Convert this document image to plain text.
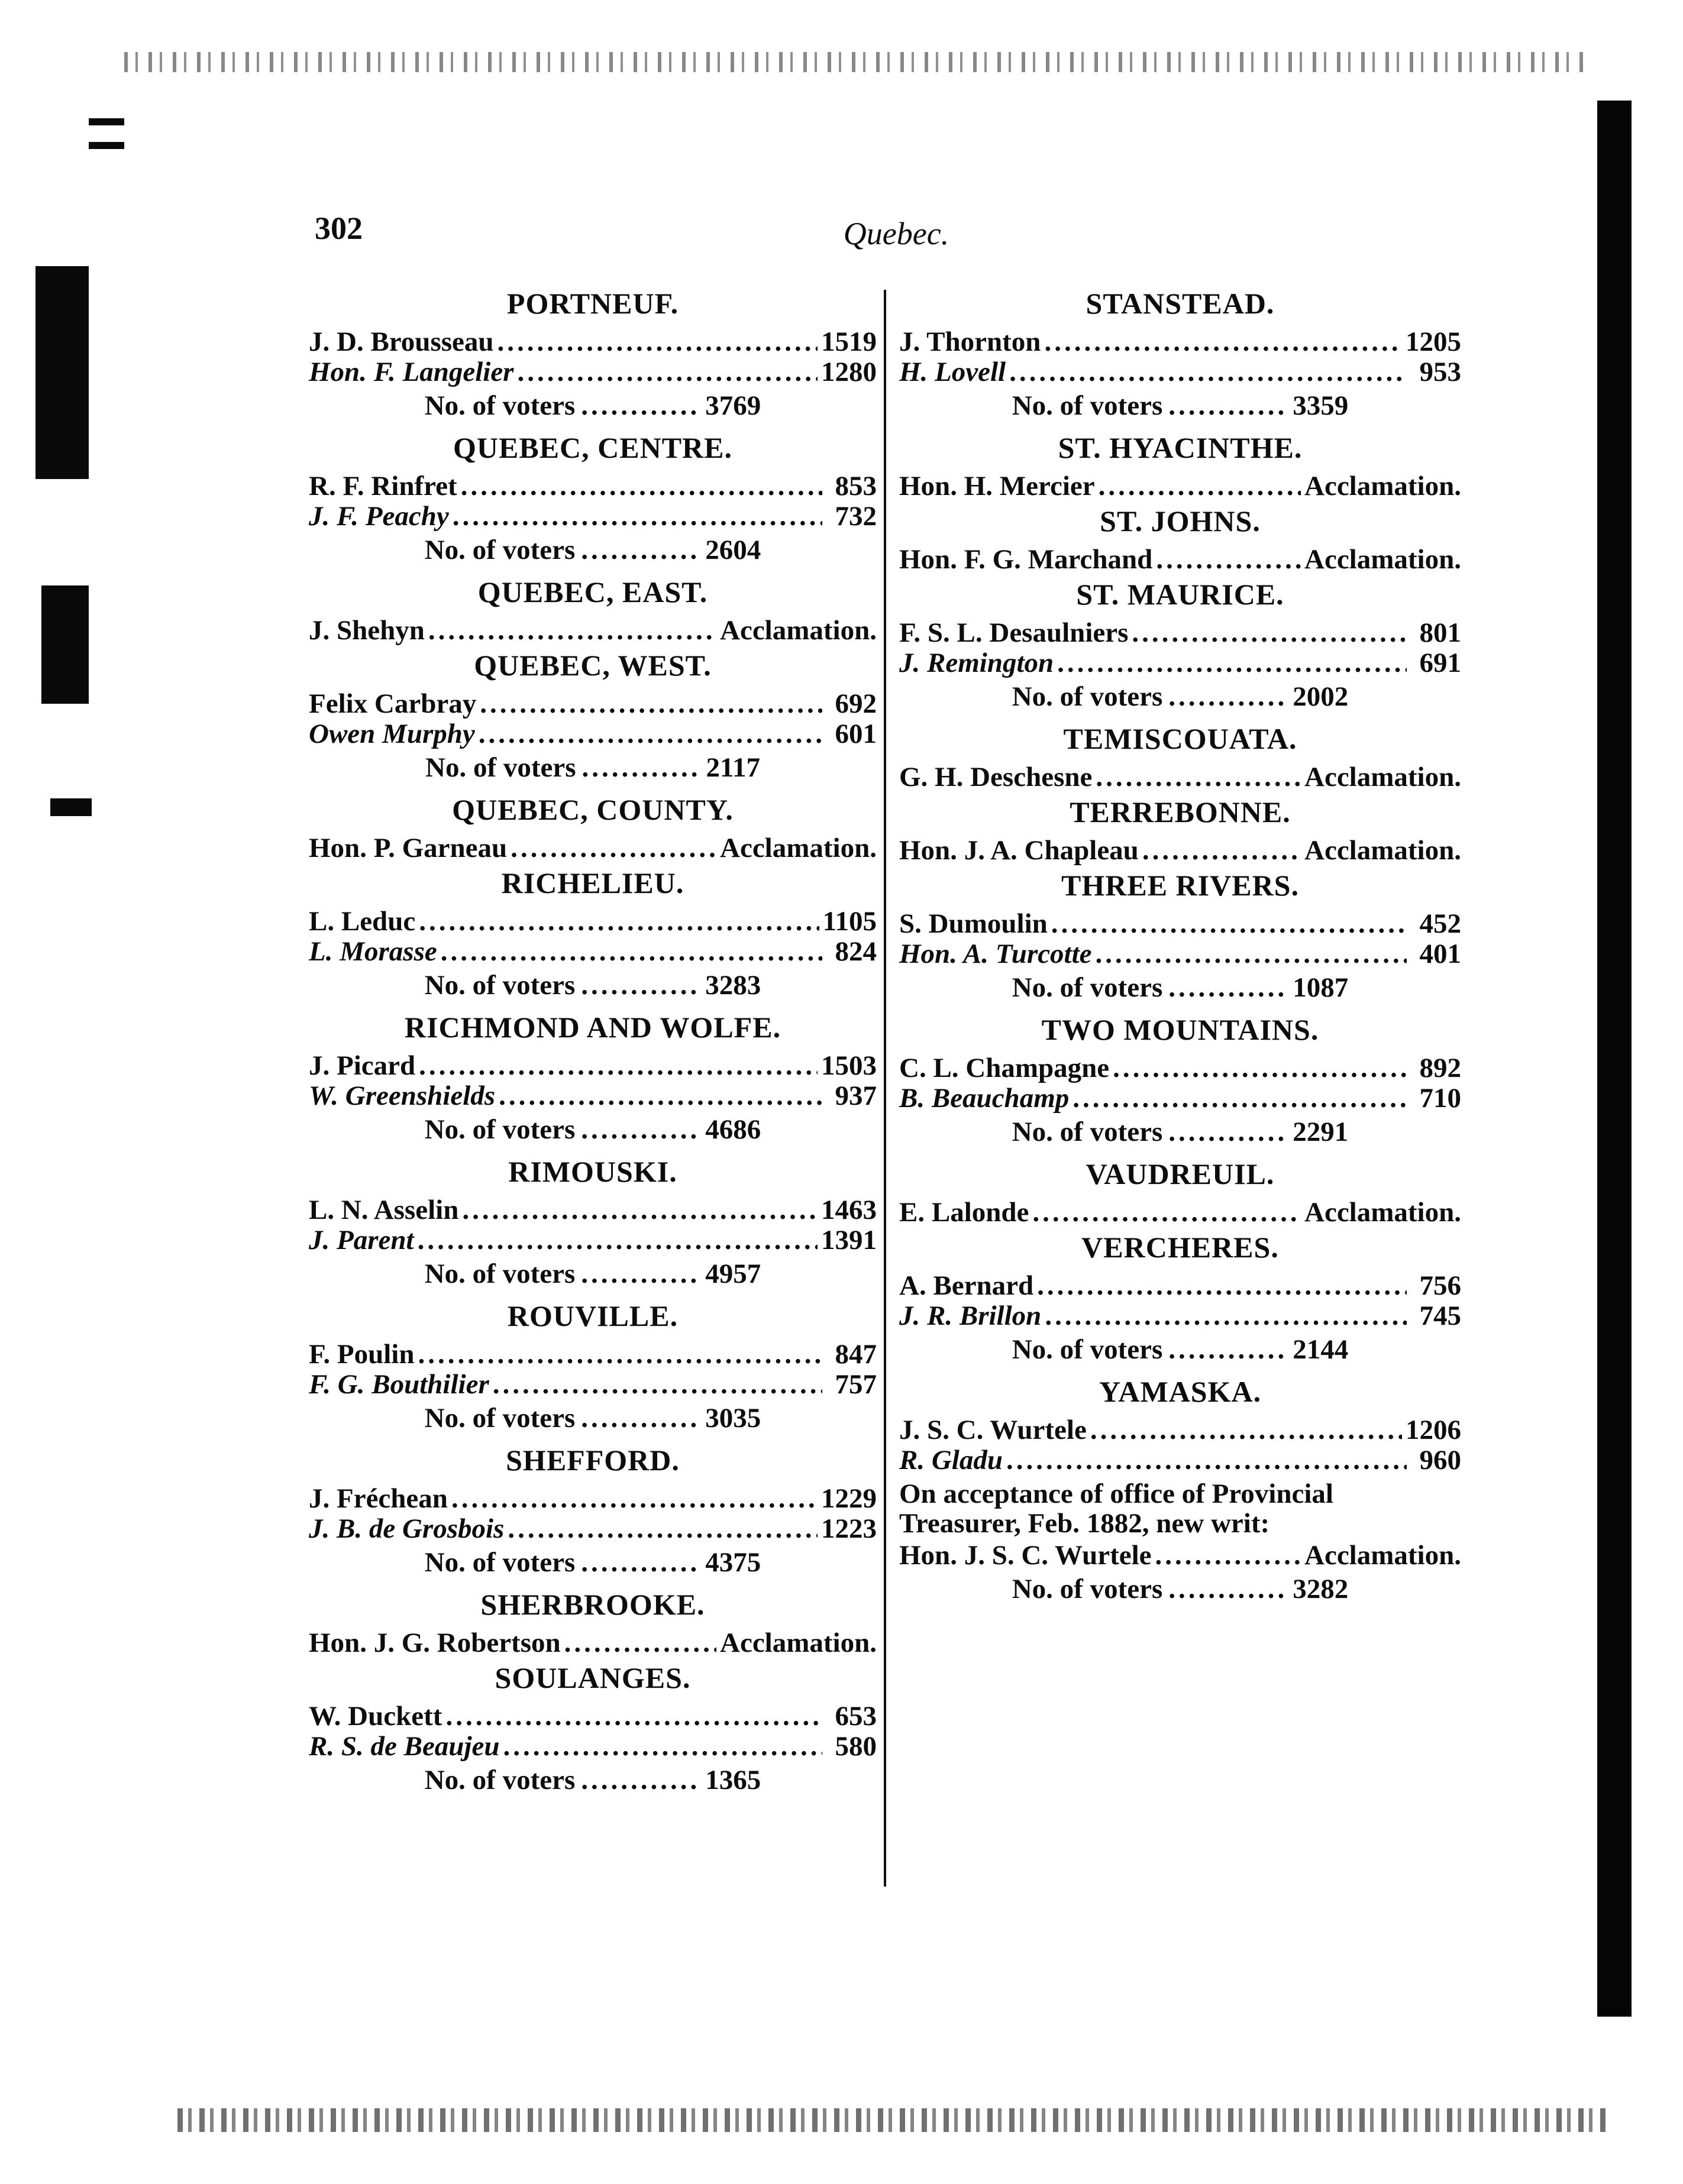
302	Quebec.
PORTNEUF.
J. D. Brousseau .....	1519
Hon. F. Langelier .....	1280
No. of voters .....	3769
QUEBEC, CENTRE.
R. F. Rinfret .....	853
J. F. Peachy .....	732
No. of voters .....	2604
QUEBEC, EAST.
J. Shehyn .....	Acclamation.
QUEBEC, WEST.
Felix Carbray .....	692
Owen Murphy .....	601
No. of voters .....	2117
QUEBEC, COUNTY.
Hon. P. Garneau .....	Acclamation.
RICHELIEU.
L. Leduc .....	1105
L. Morasse .....	824
No. of voters .....	3283
RICHMOND AND WOLFE.
J. Picard .....	1503
W. Greenshields .....	937
No. of voters .....	4686
RIMOUSKI.
L. N. Asselin .....	1463
J. Parent .....	1391
No. of voters .....	4957
ROUVILLE.
F. Poulin .....	847
F. G. Bouthilier .....	757
No. of voters .....	3035
SHEFFORD.
J. Fréchean .....	1229
J. B. de Grosbois .....	1223
No. of voters .....	4375
SHERBROOKE.
Hon. J. G. Robertson .....	Acclamation.
SOULANGES.
W. Duckett .....	653
R. S. de Beaujeu .....	580
No. of voters .....	1365
STANSTEAD.
J. Thornton .....	1205
H. Lovell .....	953
No. of voters .....	3359
ST. HYACINTHE.
Hon. H. Mercier .....	Acclamation.
ST. JOHNS.
Hon. F. G. Marchand .....	Acclamation.
ST. MAURICE.
F. S. L. Desaulniers .....	801
J. Remington .....	691
No. of voters .....	2002
TEMISCOUATA.
G. H. Deschesne .....	Acclamation.
TERREBONNE.
Hon. J. A. Chapleau .....	Acclamation.
THREE RIVERS.
S. Dumoulin .....	452
Hon. A. Turcotte .....	401
No. of voters .....	1087
TWO MOUNTAINS.
C. L. Champagne .....	892
B. Beauchamp .....	710
No. of voters .....	2291
VAUDREUIL.
E. Lalonde .....	Acclamation.
VERCHERES.
A. Bernard .....	756
J. R. Brillon .....	745
No. of voters .....	2144
YAMASKA.
J. S. C. Wurtele .....	1206
R. Gladu .....	960
On acceptance of office of Provincial Treasurer, Feb. 1882, new writ:
Hon. J. S. C. Wurtele .....	Acclamation.
No. of voters .....	3282
